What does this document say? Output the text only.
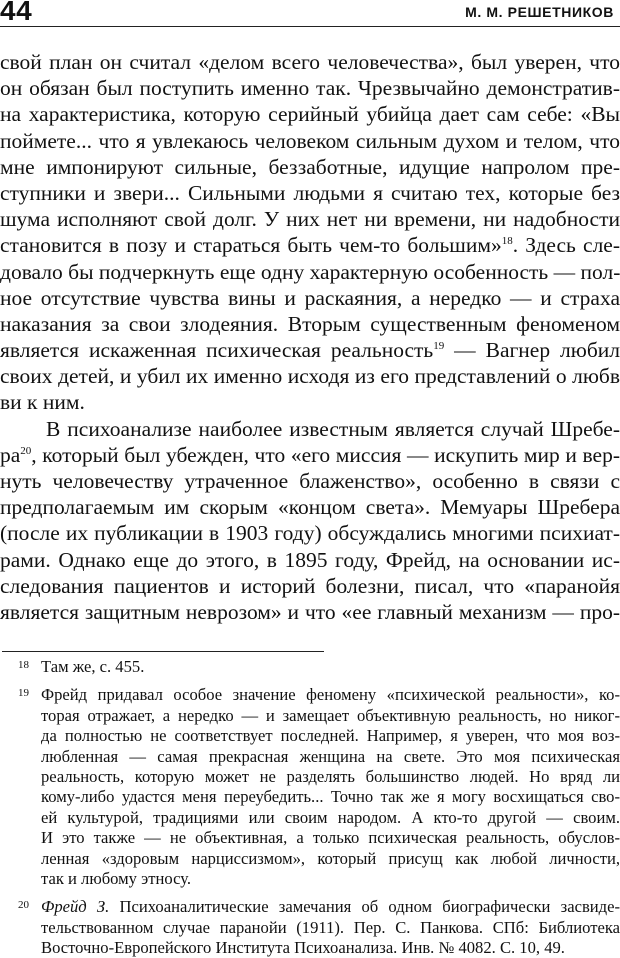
44	М. М. РЕШЕТНИКОВ
свой план он считал «делом всего человечества», был уверен, что
он обязан был поступить именно так. Чрезвычайно демонстратив-
на характеристика, которую серийный убийца дает сам себе: «Вы
поймете... что я увлекаюсь человеком сильным духом и телом, что
мне импонируют сильные, беззаботные, идущие напролом пре-
ступники и звери... Сильными людьми я считаю тех, которые без
шума исполняют свой долг. У них нет ни времени, ни надобности
становится в позу и стараться быть чем-то большим»$^{18}$. Здесь сле-
довало бы подчеркнуть еще одну характерную особенность — пол-
ное отсутствие чувства вины и раскаяния, а нередко — и страха
наказания за свои злодеяния. Вторым существенным феноменом
является искаженная психическая реальность$^{19}$ — Вагнер любил
своих детей, и убил их именно исходя из его представлений о любв
ви к ним.
В психоанализе наиболее известным является случай Шребе-
$ра^{20}$, который был убежден, что «его миссия — искупить мир и вер-
нуть человечеству утраченное блаженство», особенно в связи с
предполагаемым им скорым «концом света». Мемуары Шребера
(после их публикации в 1903 году) обсуждались многими психиат-
рами. Однако еще до этого, в 1895 году, Фрейд, на основании ис-
следования пациентов и историй болезни, писал, что «паранойя
является защитным неврозом» и что «ее главный механизм — про-
18 Там же, с. 455.
19 Фрейд придавал особое значение феномену «психической реальности», ко-
торая отражает, а нередко — и замещает объективную реальность, но никог-
да полностью не соответствует последней. Например, я уверен, что моя воз-
любленная — самая прекрасная женщина на свете. Это моя психическая
реальность, которую может не разделять большинство людей. Но вряд ли
кому-либо удастся меня переубедить... Точно так же я могу восхищаться сво-
ей культурой, традициями или своим народом. А кто-то другой — своим.
И это также — не объективная, а только психическая реальность, обуслов-
ленная «здоровым нарциссизмом», который присущ как любой личности,
так и любому этносу.
20 Фрейд З. Психоаналитические замечания об одном биографически засвиде-
тельствованном случае паранойи (1911). Пер. С. Панкова. СПб: Библиотека
Восточно-Европейского Института Психоанализа. Инв. № 4082. С. 10, 49.
